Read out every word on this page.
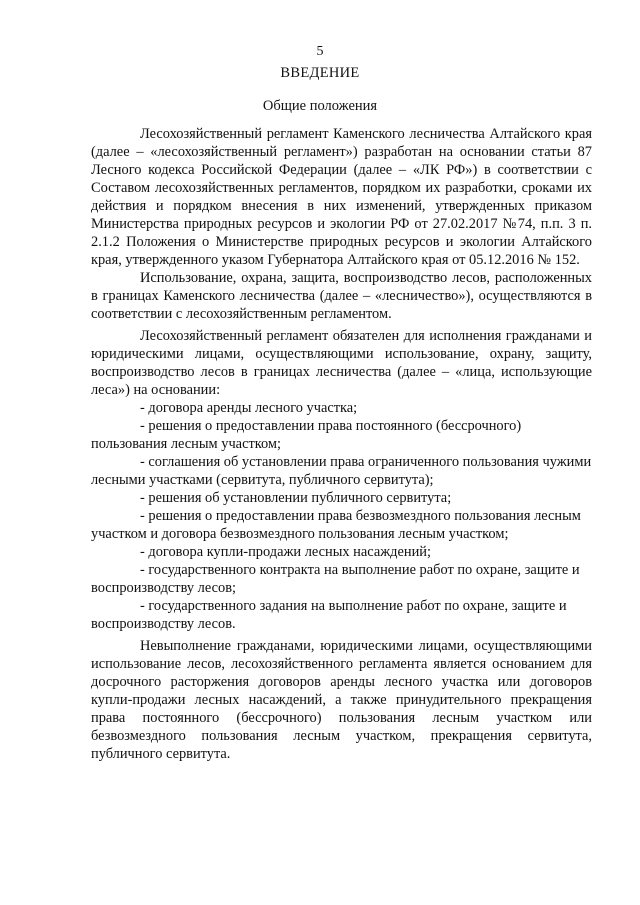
5
ВВЕДЕНИЕ
Общие положения

Лесохозяйственный регламент Каменского лесничества Алтайского края (далее – «лесохозяйственный регламент») разработан на основании статьи 87 Лесного кодекса Российской Федерации (далее – «ЛК РФ») в соответствии с Составом лесохозяйственных регламентов, порядком их разработки, сроками их действия и порядком внесения в них изменений, утвержденных приказом Министерства природных ресурсов и экологии РФ от 27.02.2017 №74, п.п. 3 п. 2.1.2 Положения о Министерстве природных ресурсов и экологии Алтайского края, утвержденного указом Губернатора Алтайского края от 05.12.2016 № 152.

Использование, охрана, защита, воспроизводство лесов, расположенных в границах Каменского лесничества (далее – «лесничество»), осуществляются в соответствии с лесохозяйственным регламентом.

Лесохозяйственный регламент обязателен для исполнения гражданами и юридическими лицами, осуществляющими использование, охрану, защиту, воспроизводство лесов в границах лесничества (далее – «лица, использующие леса») на основании:

- договора аренды лесного участка;

- решения о предоставлении права постоянного (бессрочного) пользования лесным участком;

- соглашения об установлении права ограниченного пользования чужими лесными участками (сервитута, публичного сервитута);

- решения об установлении публичного сервитута;

- решения о предоставлении права безвозмездного пользования лесным участком и договора безвозмездного пользования лесным участком;

- договора купли-продажи лесных насаждений;

- государственного контракта на выполнение работ по охране, защите и воспроизводству лесов;

- государственного задания на выполнение работ по охране, защите и воспроизводству лесов.

Невыполнение гражданами, юридическими лицами, осуществляющими использование лесов, лесохозяйственного регламента является основанием для досрочного расторжения договоров аренды лесного участка или договоров купли-продажи лесных насаждений, а также принудительного прекращения права постоянного (бессрочного) пользования лесным участком или безвозмездного пользования лесным участком, прекращения сервитута, публичного сервитута.
